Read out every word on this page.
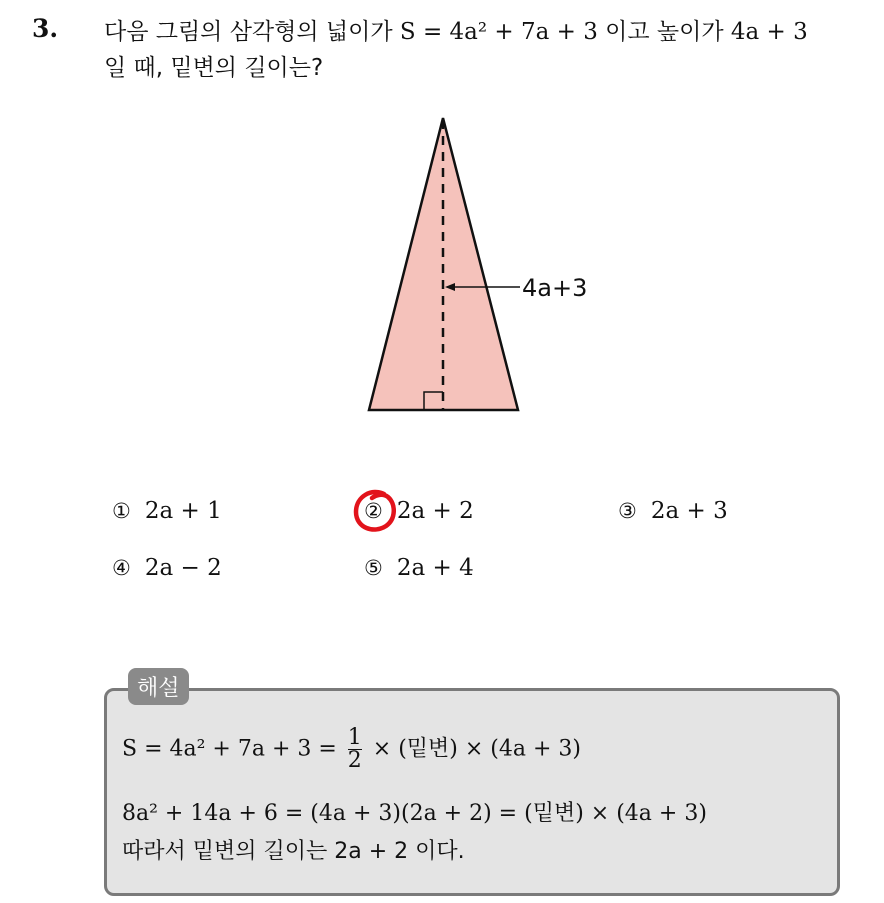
3. 다음 그림의 삼각형의 넓이가 S = 4a² + 7a + 3 이고 높이가 4a + 3
일 때, 밑변의 길이는?
4a+3
① 2a + 1	② 2a + 2	③ 2a + 3
④ 2a − 2	⑤ 2a + 4
해설
$S = 4a^2 + 7a + 3 = \frac{1}{2}$ × (밑변) × (4a + 3)
8a² + 14a + 6 = (4a + 3)(2a + 2) = (밑변) × (4a + 3)
따라서 밑변의 길이는 2a + 2 이다.
